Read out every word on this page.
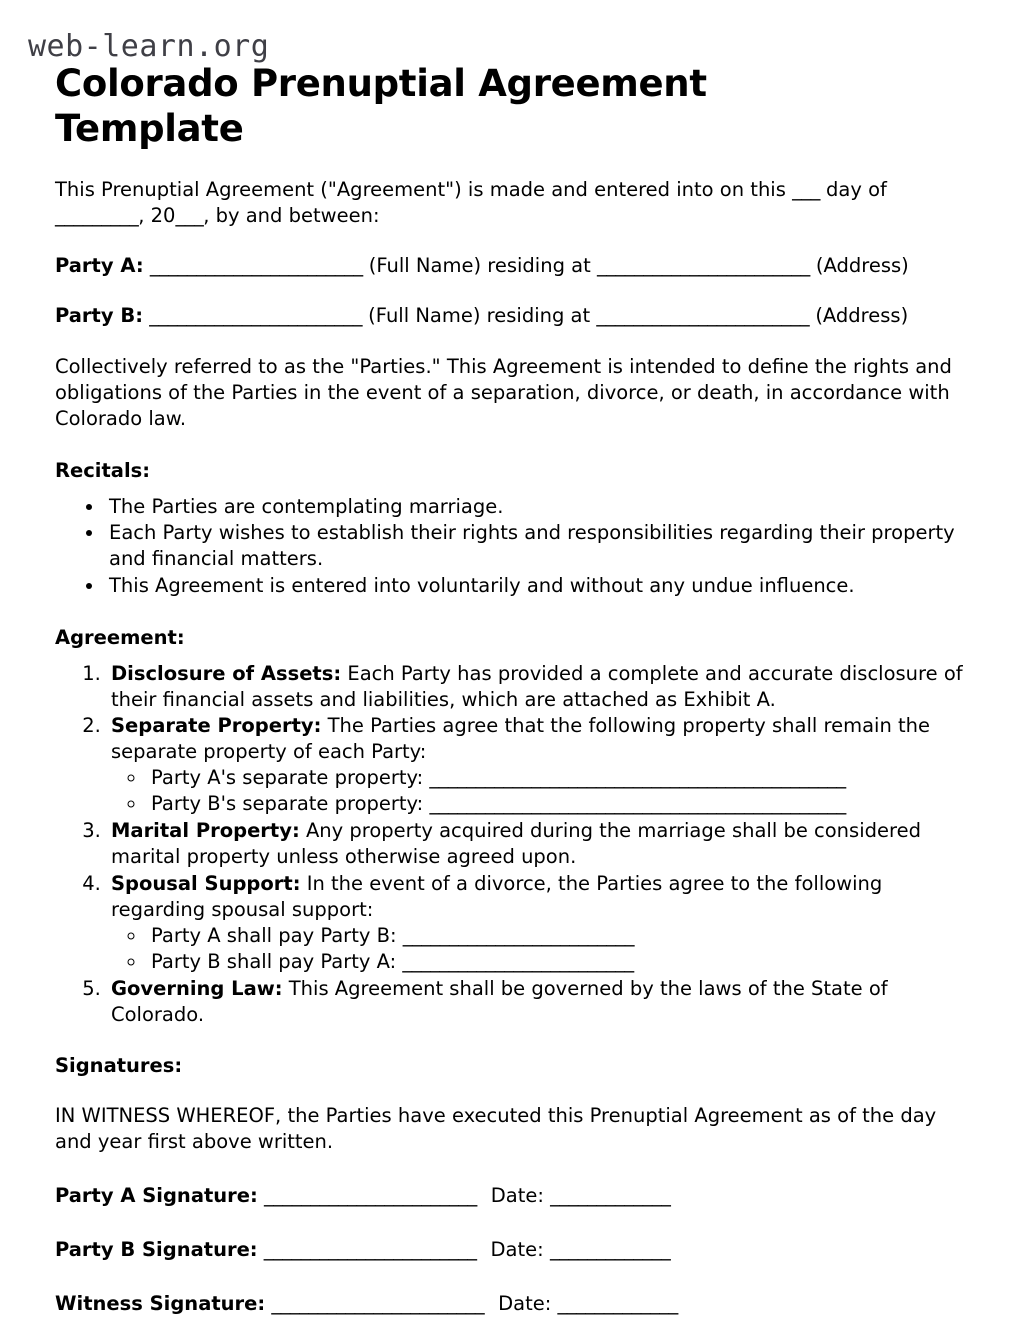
web-learn.org
Colorado Prenuptial Agreement Template

This Prenuptial Agreement ("Agreement") is made and entered into on this ___ day of _________, 20___, by and between:

Party A: _______________________ (Full Name) residing at _______________________ (Address)

Party B: _______________________ (Full Name) residing at _______________________ (Address)

Collectively referred to as the "Parties." This Agreement is intended to define the rights and obligations of the Parties in the event of a separation, divorce, or death, in accordance with Colorado law.

Recitals:
• The Parties are contemplating marriage.
• Each Party wishes to establish their rights and responsibilities regarding their property and financial matters.
• This Agreement is entered into voluntarily and without any undue influence.
Agreement:
1. Disclosure of Assets: Each Party has provided a complete and accurate disclosure of their financial assets and liabilities, which are attached as Exhibit A.
2. Separate Property: The Parties agree that the following property shall remain the separate property of each Party:
◦ Party A's separate property: _____________________________________________
◦ Party B's separate property: _____________________________________________
3. Marital Property: Any property acquired during the marriage shall be considered marital property unless otherwise agreed upon.
4. Spousal Support: In the event of a divorce, the Parties agree to the following regarding spousal support:
◦ Party A shall pay Party B: _________________________
◦ Party B shall pay Party A: _________________________
5. Governing Law: This Agreement shall be governed by the laws of the State of Colorado.
Signatures:

IN WITNESS WHEREOF, the Parties have executed this Prenuptial Agreement as of the day and year first above written.

Party A Signature: _______________________ Date: _____________

Party B Signature: _______________________ Date: _____________

Witness Signature: _______________________ Date: _____________
